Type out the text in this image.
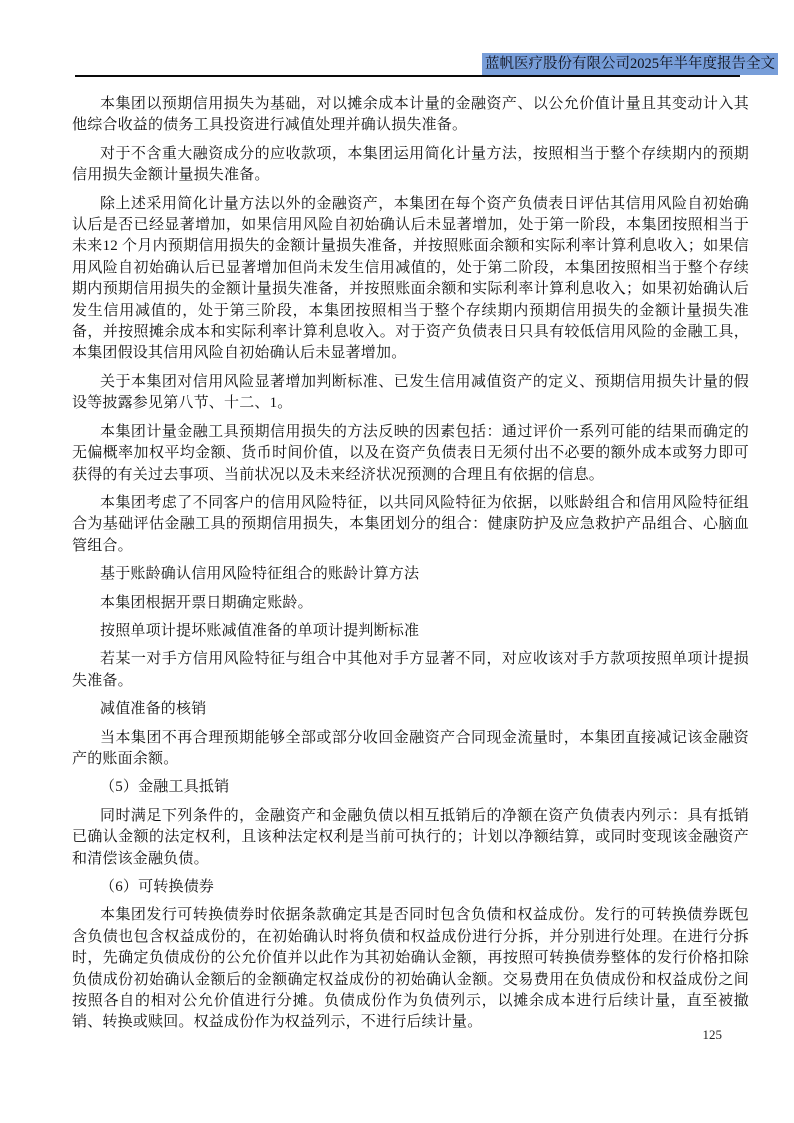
蓝帆医疗股份有限公司2025年半年度报告全文

本集团以预期信用损失为基础，对以摊余成本计量的金融资产、以公允价值计量且其变动计入其他综合收益的债务工具投资进行减值处理并确认损失准备。

对于不含重大融资成分的应收款项，本集团运用简化计量方法，按照相当于整个存续期内的预期信用损失金额计量损失准备。

除上述采用简化计量方法以外的金融资产，本集团在每个资产负债表日评估其信用风险自初始确认后是否已经显著增加，如果信用风险自初始确认后未显著增加，处于第一阶段，本集团按照相当于未来12 个月内预期信用损失的金额计量损失准备，并按照账面余额和实际利率计算利息收入；如果信用风险自初始确认后已显著增加但尚未发生信用减值的，处于第二阶段，本集团按照相当于整个存续期内预期信用损失的金额计量损失准备，并按照账面余额和实际利率计算利息收入；如果初始确认后发生信用减值的，处于第三阶段，本集团按照相当于整个存续期内预期信用损失的金额计量损失准备，并按照摊余成本和实际利率计算利息收入。对于资产负债表日只具有较低信用风险的金融工具，本集团假设其信用风险自初始确认后未显著增加。

关于本集团对信用风险显著增加判断标准、已发生信用减值资产的定义、预期信用损失计量的假设等披露参见第八节、十二、1。

本集团计量金融工具预期信用损失的方法反映的因素包括：通过评价一系列可能的结果而确定的无偏概率加权平均金额、货币时间价值，以及在资产负债表日无须付出不必要的额外成本或努力即可获得的有关过去事项、当前状况以及未来经济状况预测的合理且有依据的信息。

本集团考虑了不同客户的信用风险特征，以共同风险特征为依据，以账龄组合和信用风险特征组合为基础评估金融工具的预期信用损失，本集团划分的组合：健康防护及应急救护产品组合、心脑血管组合。

基于账龄确认信用风险特征组合的账龄计算方法

本集团根据开票日期确定账龄。

按照单项计提坏账减值准备的单项计提判断标准

若某一对手方信用风险特征与组合中其他对手方显著不同，对应收该对手方款项按照单项计提损失准备。

减值准备的核销

当本集团不再合理预期能够全部或部分收回金融资产合同现金流量时，本集团直接减记该金融资产的账面余额。

（5）金融工具抵销

同时满足下列条件的，金融资产和金融负债以相互抵销后的净额在资产负债表内列示：具有抵销已确认金额的法定权利，且该种法定权利是当前可执行的；计划以净额结算，或同时变现该金融资产和清偿该金融负债。

（6）可转换债券

本集团发行可转换债券时依据条款确定其是否同时包含负债和权益成份。发行的可转换债券既包含负债也包含权益成份的，在初始确认时将负债和权益成份进行分拆，并分别进行处理。在进行分拆时，先确定负债成份的公允价值并以此作为其初始确认金额，再按照可转换债券整体的发行价格扣除负债成份初始确认金额后的金额确定权益成份的初始确认金额。交易费用在负债成份和权益成份之间按照各自的相对公允价值进行分摊。负债成份作为负债列示，以摊余成本进行后续计量，直至被撤销、转换或赎回。权益成份作为权益列示，不进行后续计量。

125
